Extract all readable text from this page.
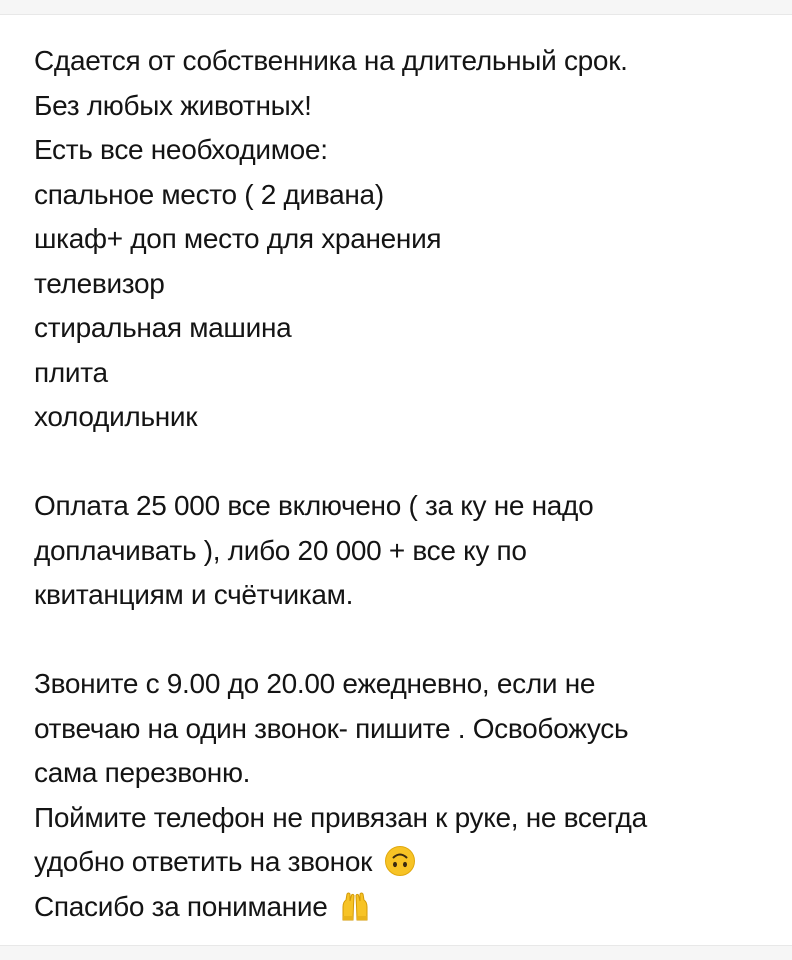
Сдается от собственника на длительный срок.
Без любых животных!
Есть все необходимое:
спальное место ( 2 дивана)
шкаф+ доп место для хранения
телевизор
стиральная машина
плита
холодильник
Оплата 25 000 все включено ( за ку не надо
доплачивать ), либо 20 000 + все ку по
квитанциям и счётчикам.
Звоните с 9.00 до 20.00 ежедневно, если не
отвечаю на один звонок- пишите . Освобожусь
сама перезвоню.
Поймите телефон не привязан к руке, не всегда
удобно ответить на звонок
Спасибо за понимание
